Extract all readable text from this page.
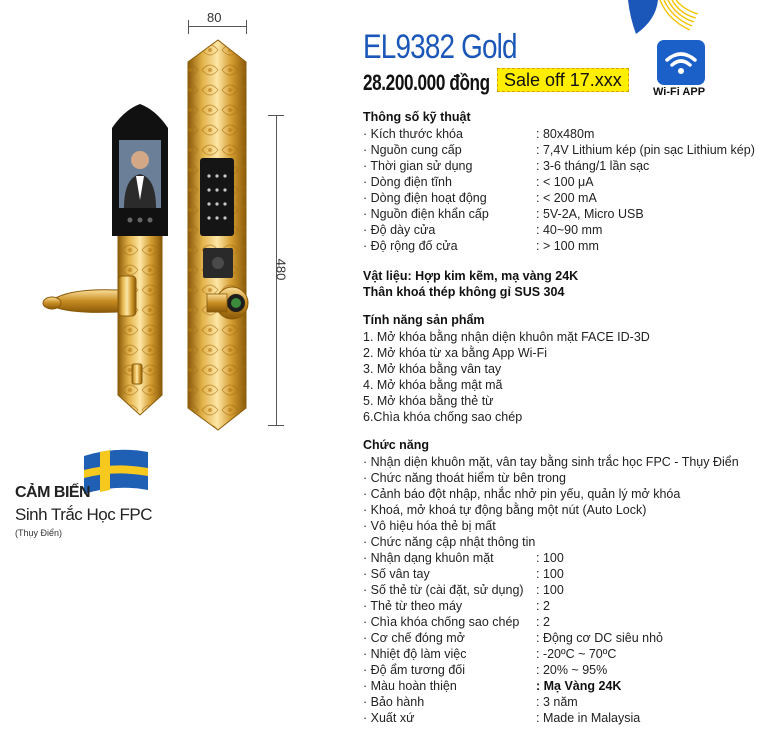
80
480
CẢM BIẾN
Sinh Trắc Học FPC
(Thụy Điển)
EL9382 Gold
28.200.000 đồng Sale off 17.xxx
Wi-Fi APP
Thông số kỹ thuật
· Kích thước khóa	: 80x480m
· Nguồn cung cấp	: 7,4V Lithium kép (pin sạc Lithium kép)
· Thời gian sử dụng	: 3-6 tháng/1 lần sạc
· Dòng điện tĩnh	: < 100 μA
· Dòng điện hoạt động	: < 200 mA
· Nguồn điện khẩn cấp	: 5V-2A, Micro USB
· Độ dày cửa	: 40~90 mm
· Độ rộng đố cửa	: > 100 mm
Vật liệu: Hợp kim kẽm, mạ vàng 24K
Thân khoá thép không gỉ SUS 304
Tính năng sản phẩm
1. Mở khóa bằng nhận diện khuôn mặt FACE ID-3D
2. Mở khóa từ xa bằng App Wi-Fi
3. Mở khóa bằng vân tay
4. Mở khóa bằng mật mã
5. Mở khóa bằng thẻ từ
6.Chìa khóa chống sao chép
Chức năng
· Nhận diện khuôn mặt, vân tay bằng sinh trắc học FPC - Thụy Điển
· Chức năng thoát hiểm từ bên trong
· Cảnh báo đột nhập, nhắc nhở pin yếu, quản lý mở khóa
· Khoá, mở khoá tự động bằng một nút (Auto Lock)
· Vô hiệu hóa thẻ bị mất
· Chức năng cập nhật thông tin
· Nhận dạng khuôn mặt	: 100
· Số vân tay	: 100
· Số thẻ từ (cài đặt, sử dụng) : 100
· Thẻ từ theo máy	: 2
· Chìa khóa chống sao chép : 2
· Cơ chế đóng mở	: Động cơ DC siêu nhỏ
· Nhiệt độ làm việc	: -20ºC ~ 70ºC
· Độ ẩm tương đối	: 20% ~ 95%
· Màu hoàn thiện	: Mạ Vàng 24K
· Bảo hành	: 3 năm
· Xuất xứ	: Made in Malaysia
